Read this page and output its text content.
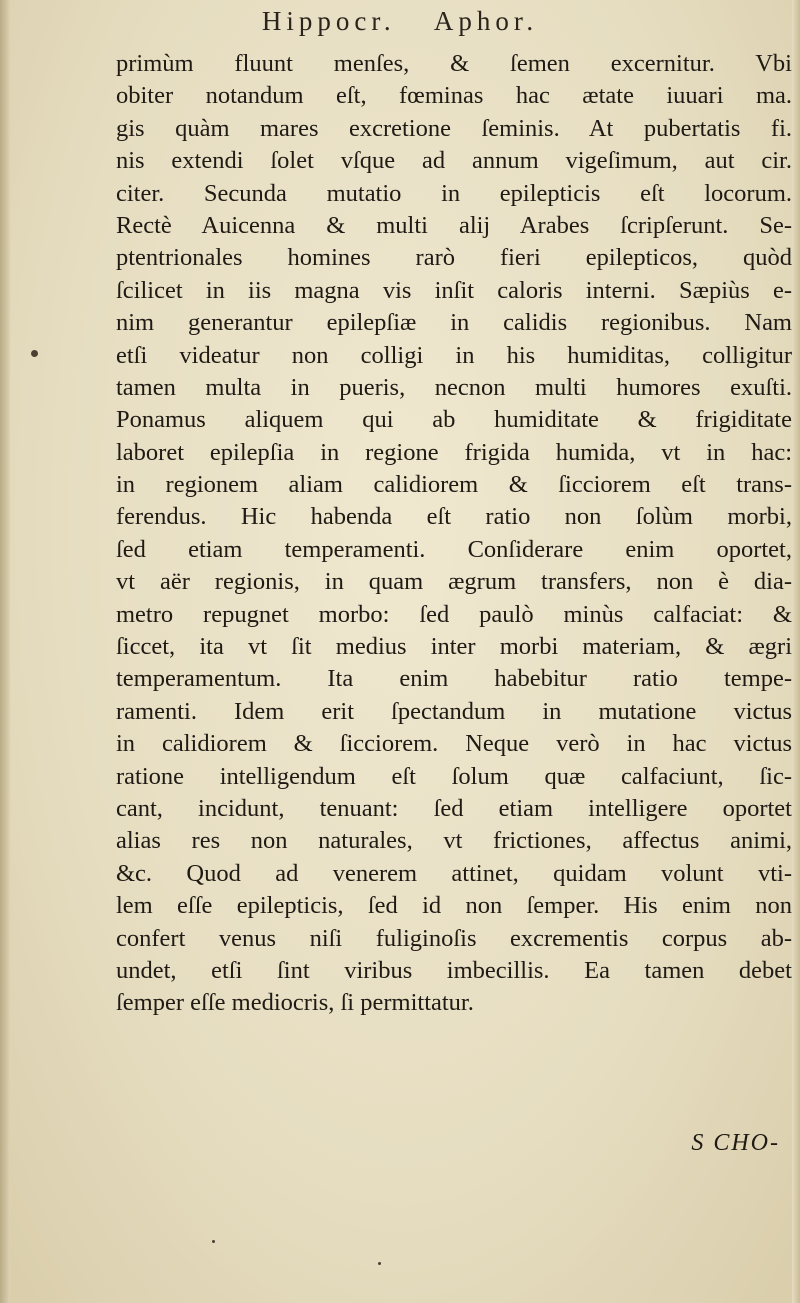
Hippocr. Aphor.
primùm fluunt menſes, & ſemen excernitur. Vbi
obiter notandum eſt, fœminas hac ætate iuuari ma.
gis quàm mares excretione ſeminis. At pubertatis fi.
nis extendi ſolet vſque ad annum vigeſimum, aut cir.
citer. Secunda mutatio in epilepticis eſt locorum.
Rectè Auicenna & multi alij Arabes ſcripſerunt. Se-
ptentrionales homines rarò fieri epilepticos, quòd
ſcilicet in iis magna vis inſit caloris interni. Sæpiùs e-
nim generantur epilepſiæ in calidis regionibus. Nam
etſi videatur non colligi in his humiditas, colligitur
tamen multa in pueris, necnon multi humores exuſti.
Ponamus aliquem qui ab humiditate & frigiditate
laboret epilepſia in regione frigida humida, vt in hac:
in regionem aliam calidiorem & ſicciorem eſt trans-
ferendus. Hic habenda eſt ratio non ſolùm morbi,
ſed etiam temperamenti. Conſiderare enim oportet,
vt aër regionis, in quam ægrum transfers, non è dia-
metro repugnet morbo: ſed paulò minùs calfaciat: &
ſiccet, ita vt ſit medius inter morbi materiam, & ægri
temperamentum. Ita enim habebitur ratio tempe-
ramenti. Idem erit ſpectandum in mutatione victus
in calidiorem & ſicciorem. Neque verò in hac victus
ratione intelligendum eſt ſolum quæ calfaciunt, ſic-
cant, incidunt, tenuant: ſed etiam intelligere oportet
alias res non naturales, vt frictiones, affectus animi,
&c. Quod ad venerem attinet, quidam volunt vti-
lem eſſe epilepticis, ſed id non ſemper. His enim non
confert venus niſi fuliginoſis excrementis corpus ab-
undet, etſi ſint viribus imbecillis. Ea tamen debet
ſemper eſſe mediocris, ſi permittatur.
S CHO-
